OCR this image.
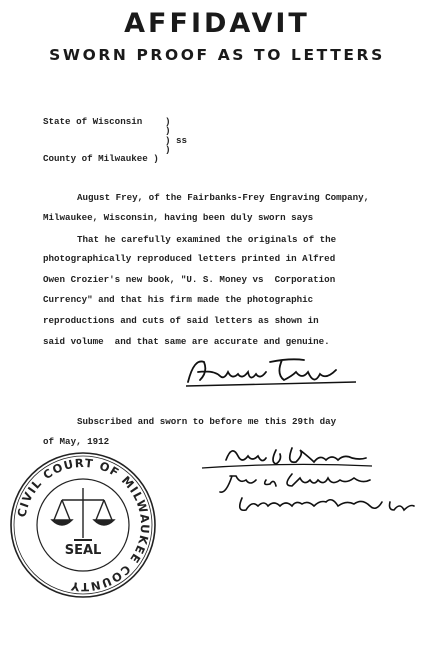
AFFIDAVIT
SWORN PROOF AS TO LETTERS
State of Wisconsin )
)
) ss
)
County of Milwaukee )
August Frey, of the Fairbanks-Frey Engraving Company,
Milwaukee, Wisconsin, having been duly sworn says
That he carefully examined the originals of the
photographically reproduced letters printed in Alfred
Owen Crozier's new book, "U. S. Money vs  Corporation
Currency" and that his firm made the photographic
reproductions and cuts of said letters as shown in
said volume  and that same are accurate and genuine.
August Frey
Subscribed and sworn to before me this 29th day
of May, 1912
CIVIL COURT OF MILWAUKEE COUNTY
SEAL
